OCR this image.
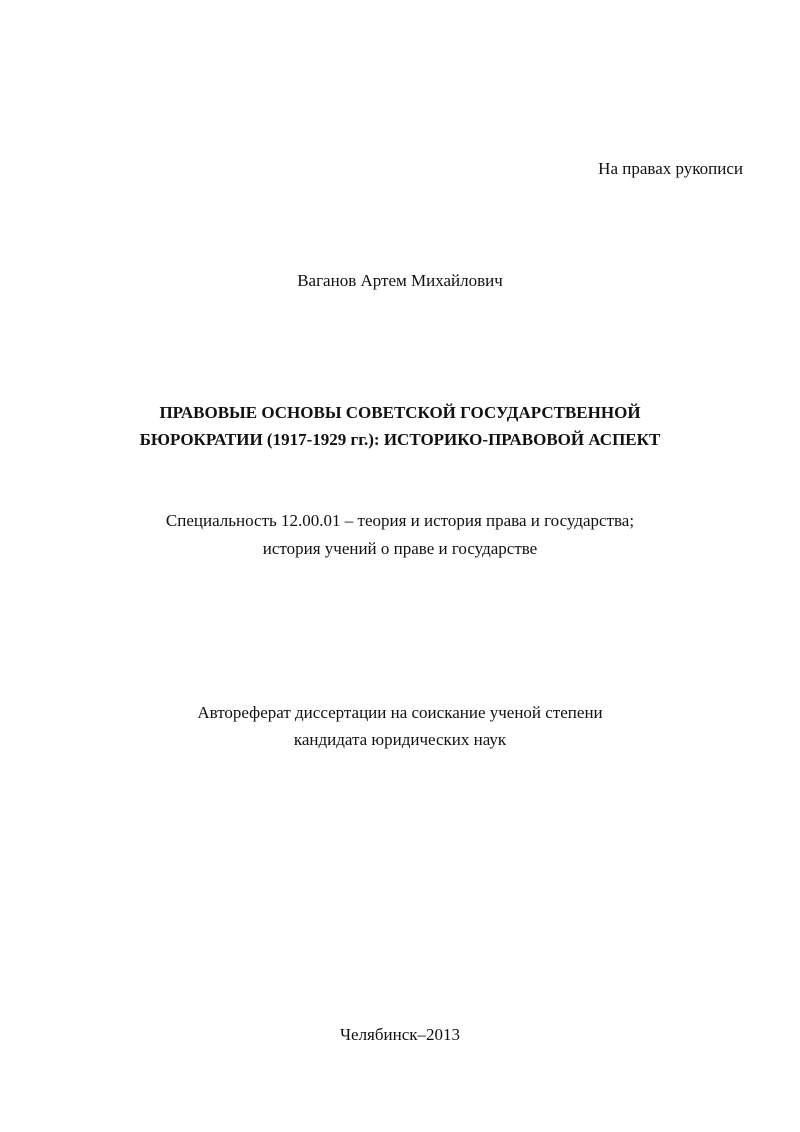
На правах рукописи
Ваганов Артем Михайлович
ПРАВОВЫЕ ОСНОВЫ СОВЕТСКОЙ ГОСУДАРСТВЕННОЙ
БЮРОКРАТИИ (1917-1929 гг.): ИСТОРИКО-ПРАВОВОЙ АСПЕКТ
Специальность 12.00.01 – теория и история права и государства;
история учений о праве и государстве
Автореферат диссертации на соискание ученой степени
кандидата юридических наук
Челябинск–2013
